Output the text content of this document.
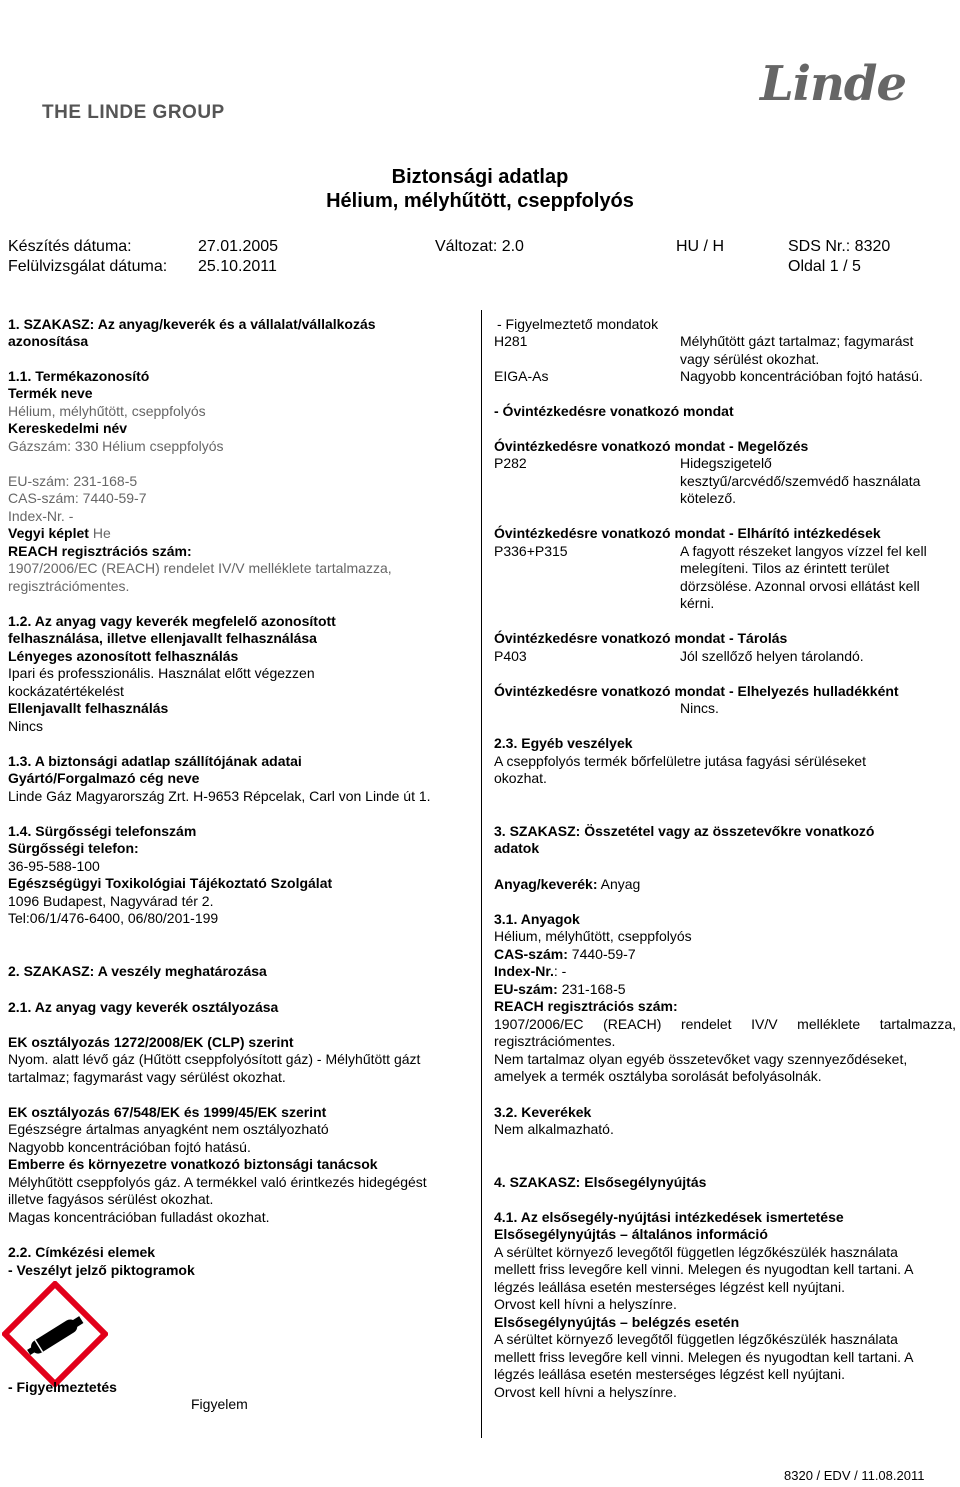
THE LINDE GROUP
Linde
Biztonsági adatlap
Hélium, mélyhűtött, cseppfolyós
Készítés dátuma:	27.01.2005	Változat: 2.0	HU / H	SDS Nr.: 8320
Felülvizsgálat dátuma: 25.10.2011	Oldal 1 / 5
1. SZAKASZ: Az anyag/keverék és a vállalat/vállalkozás
azonosítása
1.1. Termékazonosító
Termék neve
Hélium, mélyhűtött, cseppfolyós
Kereskedelmi név
Gázszám: 330 Hélium cseppfolyós
EU-szám: 231-168-5
CAS-szám: 7440-59-7
Index-Nr. -
Vegyi képlet He
REACH regisztrációs szám:
1907/2006/EC (REACH) rendelet IV/V melléklete tartalmazza,
regisztrációmentes.
1.2. Az anyag vagy keverék megfelelő azonosított
felhasználása, illetve ellenjavallt felhasználása
Lényeges azonosított felhasználás
Ipari és professzionális. Használat előtt végezzen
kockázatértékelést
Ellenjavallt felhasználás
Nincs
1.3. A biztonsági adatlap szállítójának adatai
Gyártó/Forgalmazó cég neve
Linde Gáz Magyarország Zrt. H-9653 Répcelak, Carl von Linde út 1.
1.4. Sürgősségi telefonszám
Sürgősségi telefon:
36-95-588-100
Egészségügyi Toxikológiai Tájékoztató Szolgálat
1096 Budapest, Nagyvárad tér 2.
Tel:06/1/476-6400, 06/80/201-199
2. SZAKASZ: A veszély meghatározása
2.1. Az anyag vagy keverék osztályozása
EK osztályozás 1272/2008/EK (CLP) szerint
Nyom. alatt lévő gáz (Hűtött cseppfolyósított gáz) - Mélyhűtött gázt
tartalmaz; fagymarást vagy sérülést okozhat.
EK osztályozás 67/548/EK és 1999/45/EK szerint
Egészségre ártalmas anyagként nem osztályozható
Nagyobb koncentrációban fojtó hatású.
Emberre és környezetre vonatkozó biztonsági tanácsok
Mélyhűtött cseppfolyós gáz. A termékkel való érintkezés hidegégést
illetve fagyásos sérülést okozhat.
Magas koncentrációban fulladást okozhat.
2.2. Címkézési elemek
- Veszélyt jelző piktogramok
- Figyelmeztetés
Figyelem
- Figyelmeztető mondatok
H281	Mélyhűtött gázt tartalmaz; fagymarást
vagy sérülést okozhat.
EIGA-As	Nagyobb koncentrációban fojtó hatású.
- Óvintézkedésre vonatkozó mondat
Óvintézkedésre vonatkozó mondat - Megelőzés
P282	Hidegszigetelő
kesztyű/arcvédő/szemvédő használata
kötelező.
Óvintézkedésre vonatkozó mondat - Elhárító intézkedések
P336+P315	A fagyott részeket langyos vízzel fel kell
melegíteni. Tilos az érintett terület
dörzsölése. Azonnal orvosi ellátást kell
kérni.
Óvintézkedésre vonatkozó mondat - Tárolás
P403	Jól szellőző helyen tárolandó.
Óvintézkedésre vonatkozó mondat - Elhelyezés hulladékként
Nincs.
2.3. Egyéb veszélyek
A cseppfolyós termék bőrfelületre jutása fagyási sérüléseket
okozhat.
3. SZAKASZ: Összetétel vagy az összetevőkre vonatkozó
adatok
Anyag/keverék: Anyag
3.1. Anyagok
Hélium, mélyhűtött, cseppfolyós
CAS-szám: 7440-59-7
Index-Nr.: -
EU-szám: 231-168-5
REACH regisztrációs szám:
1907/2006/EC (REACH) rendelet IV/V melléklete tartalmazza,
regisztrációmentes.
Nem tartalmaz olyan egyéb összetevőket vagy szennyeződéseket,
amelyek a termék osztályba sorolását befolyásolnák.
3.2. Keverékek
Nem alkalmazható.
4. SZAKASZ: Elsősegélynyújtás
4.1. Az elsősegély-nyújtási intézkedések ismertetése
Elsősegélynyújtás – általános információ
A sérültet környező levegőtől független légzőkészülék használata
mellett friss levegőre kell vinni. Melegen és nyugodtan kell tartani. A
légzés leállása esetén mesterséges légzést kell nyújtani.
Orvost kell hívni a helyszínre.
Elsősegélynyújtás – belégzés esetén
A sérültet környező levegőtől független légzőkészülék használata
mellett friss levegőre kell vinni. Melegen és nyugodtan kell tartani. A
légzés leállása esetén mesterséges légzést kell nyújtani.
Orvost kell hívni a helyszínre.
8320 / EDV / 11.08.2011
